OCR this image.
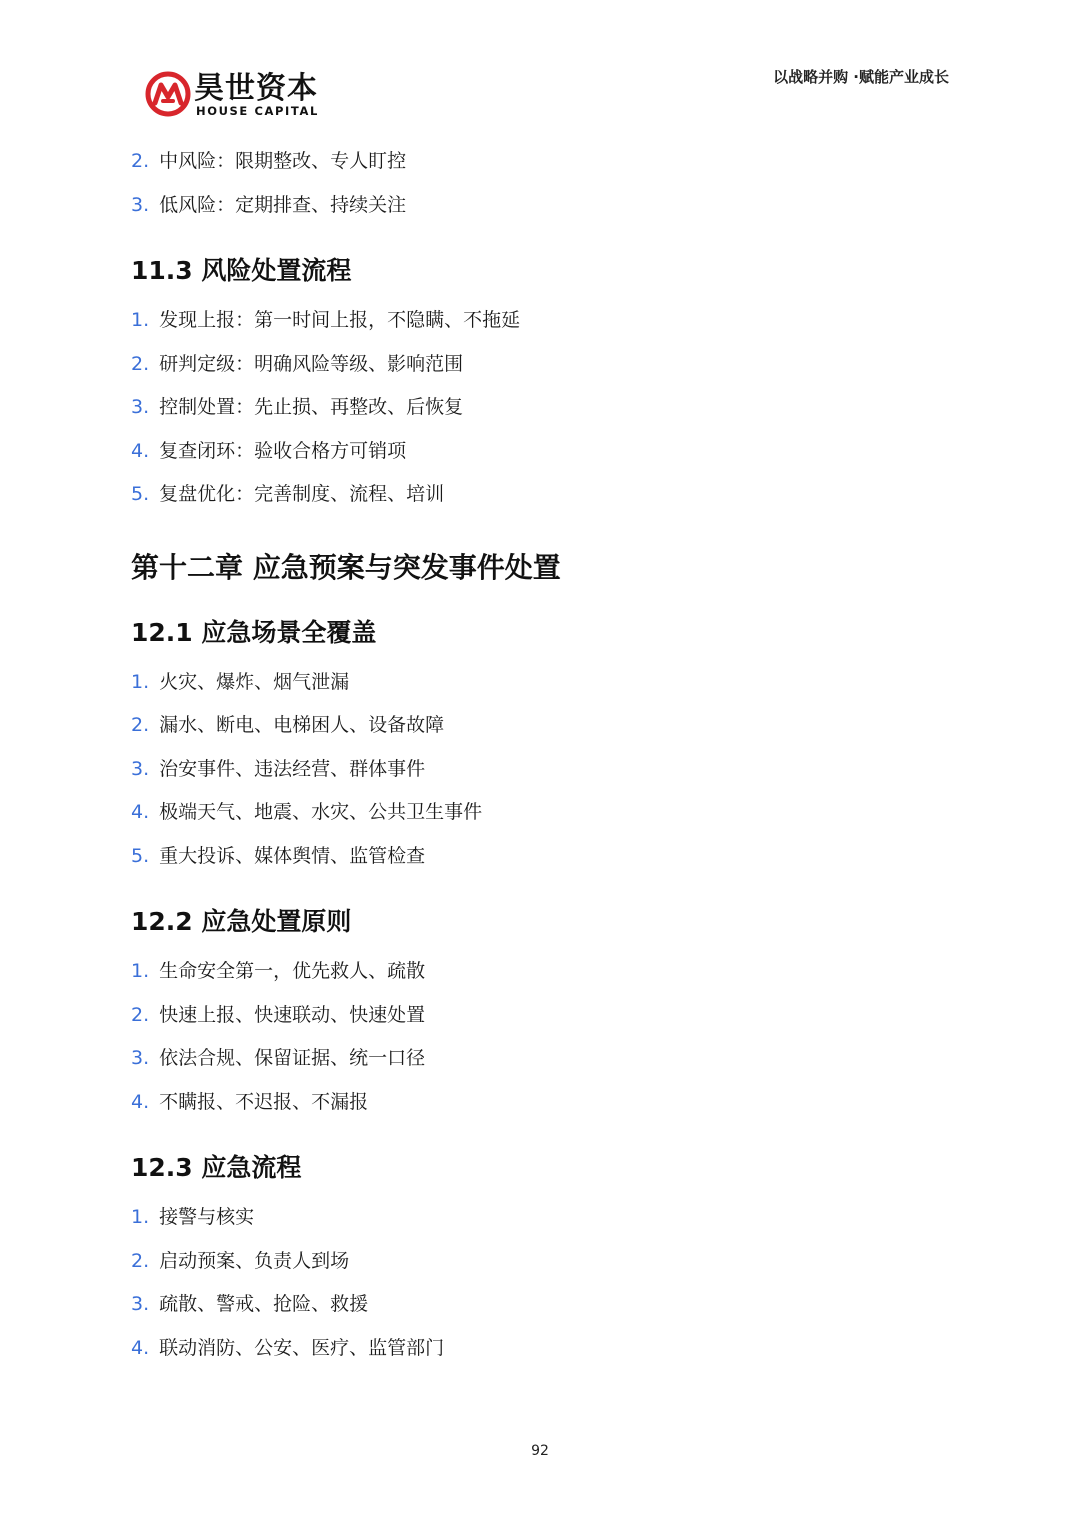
昊世资本
HOUSE CAPITAL
以战略并购 ·赋能产业成长
2. 中风险：限期整改、专人盯控
3. 低风险：定期排查、持续关注
11.3 风险处置流程
1. 发现上报：第一时间上报，不隐瞒、不拖延
2. 研判定级：明确风险等级、影响范围
3. 控制处置：先止损、再整改、后恢复
4. 复查闭环：验收合格方可销项
5. 复盘优化：完善制度、流程、培训
第十二章 应急预案与突发事件处置
12.1 应急场景全覆盖
1. 火灾、爆炸、烟气泄漏
2. 漏水、断电、电梯困人、设备故障
3. 治安事件、违法经营、群体事件
4. 极端天气、地震、水灾、公共卫生事件
5. 重大投诉、媒体舆情、监管检查
12.2 应急处置原则
1. 生命安全第一，优先救人、疏散
2. 快速上报、快速联动、快速处置
3. 依法合规、保留证据、统一口径
4. 不瞒报、不迟报、不漏报
12.3 应急流程
1. 接警与核实
2. 启动预案、负责人到场
3. 疏散、警戒、抢险、救援
4. 联动消防、公安、医疗、监管部门
92
